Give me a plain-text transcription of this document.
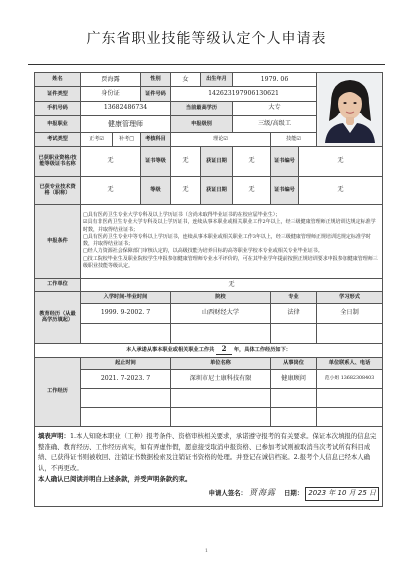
广东省职业技能等级认定个人申请表
姓名	贾海露		性别	女	出生年月	1979. 06	
证件类型	身份证		证件号码	142623197906130621					
手机号码	13682486734			当前最高学历		大专			
申报职业	健康管理师			申报级别		三级/高级工			
考试类型	正考☑	补考□	考核科目	理论☑			技能☑		
已获职业资格/技能等级证书名称	无		证书等级	无	获证日期	无	证书编号	无	
已获专业技术资格（职称）	无		等级	无	获证日期	无	证书编号	无	
申报条件	□具有医药卫生专业大学专科及以上学历证书（含尚未取得毕业证书的在校应届毕业生）；
☑具有非医药卫生专业大学专科及以上学历证书，连续从事本职业或相关职业工作2年以上，经三级健康管理师正规培训达规定标准学时数，并取得结业证书；
□具有医药卫生专业中等专科以上学历证书，连续从事本职业或相关职业工作3年以上，经三级健康管理师正规培训达规定标准学时数，并取得结业证书；
□经人力资源社会保障部门审核认定的，以高级技能为培养目标的高等职业学校本专业或相关专业毕业证书。
□技工院校毕业生及职业院校学生申报参加健康管理师专业水平评价的，可在其毕业学年提前按照正规培训要求申报参加健康管理师三级职业技能等级认定。								

工作单位	无								
教育经历（从最高学历填起）	入学时间-毕业时间			院校			专业		学习形式
	1999. 9-2002. 7			山西财经大学			法律		全日制

本人承诺从事本职业或相关职业工作共 2 年，具体工作经历如下：									
工作经历	起止时间			单位名称			从事岗位		单位联系人、电话
	2021. 7-2023. 7			深圳市尼士康科技有限			健康顾问		范小姐 13682308403

填表声明：1.本人知晓本职业（工种）报考条件、资格审核相关要求，承诺遵守报考的有关要求。保证本次填报的信息完整准确、教育经历、工作经历真实，如有弄虚作假，愿意接受取消申报资格、已参加考试则被取消当次考试所有科目成绩、已获得证书则被收回、注销证书数据检索及注销证书资格的处理。并登记在诚信档案。2.报考个人信息已经本人确认，不再更改。
本人确认已阅读并明白上述条款，并受声明条款约束。
申请人签名： 贾海露 日期： 2023 年 10 月 25 日									
1
